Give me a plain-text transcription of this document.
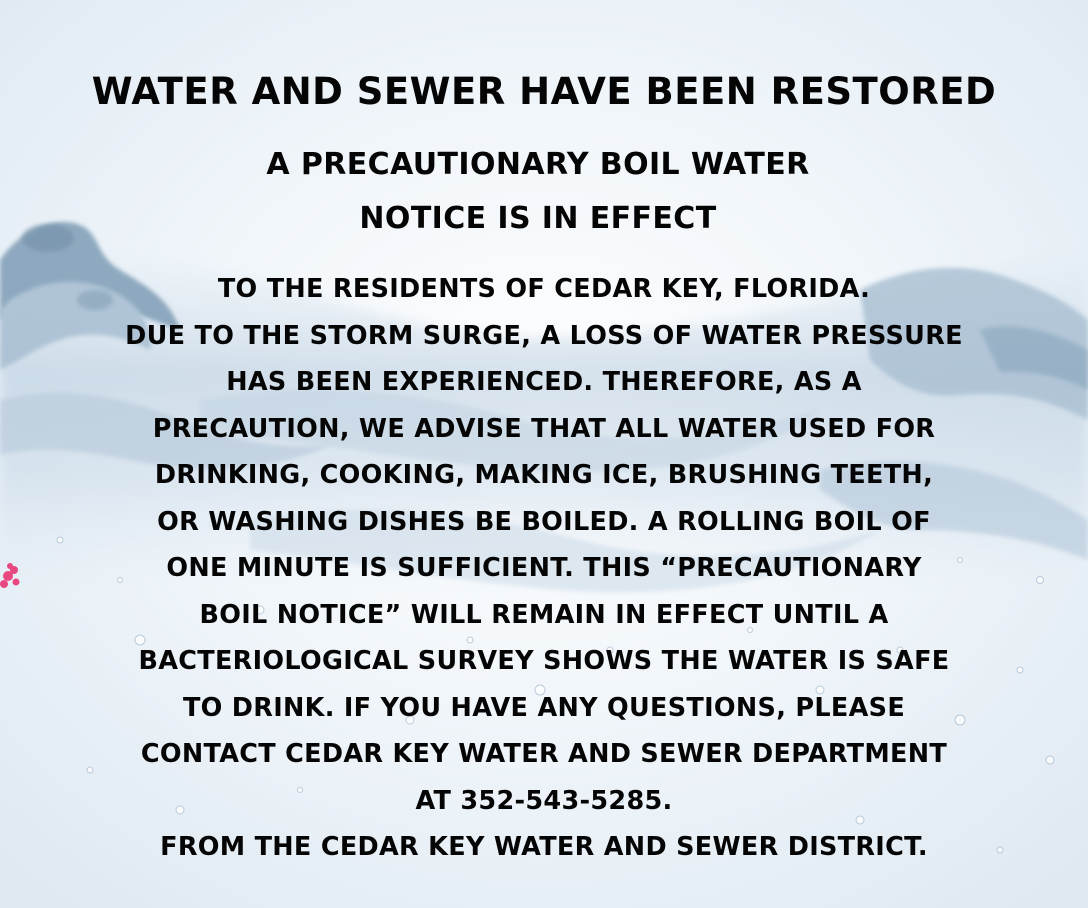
WATER AND SEWER HAVE BEEN RESTORED
A PRECAUTIONARY BOIL WATER
NOTICE IS IN EFFECT
TO THE RESIDENTS OF CEDAR KEY, FLORIDA.
DUE TO THE STORM SURGE, A LOSS OF WATER PRESSURE
HAS BEEN EXPERIENCED. THEREFORE, AS A
PRECAUTION, WE ADVISE THAT ALL WATER USED FOR
DRINKING, COOKING, MAKING ICE, BRUSHING TEETH,
OR WASHING DISHES BE BOILED. A ROLLING BOIL OF
ONE MINUTE IS SUFFICIENT. THIS “PRECAUTIONARY
BOIL NOTICE” WILL REMAIN IN EFFECT UNTIL A
BACTERIOLOGICAL SURVEY SHOWS THE WATER IS SAFE
TO DRINK. IF YOU HAVE ANY QUESTIONS, PLEASE
CONTACT CEDAR KEY WATER AND SEWER DEPARTMENT
AT 352-543-5285.
FROM THE CEDAR KEY WATER AND SEWER DISTRICT.
